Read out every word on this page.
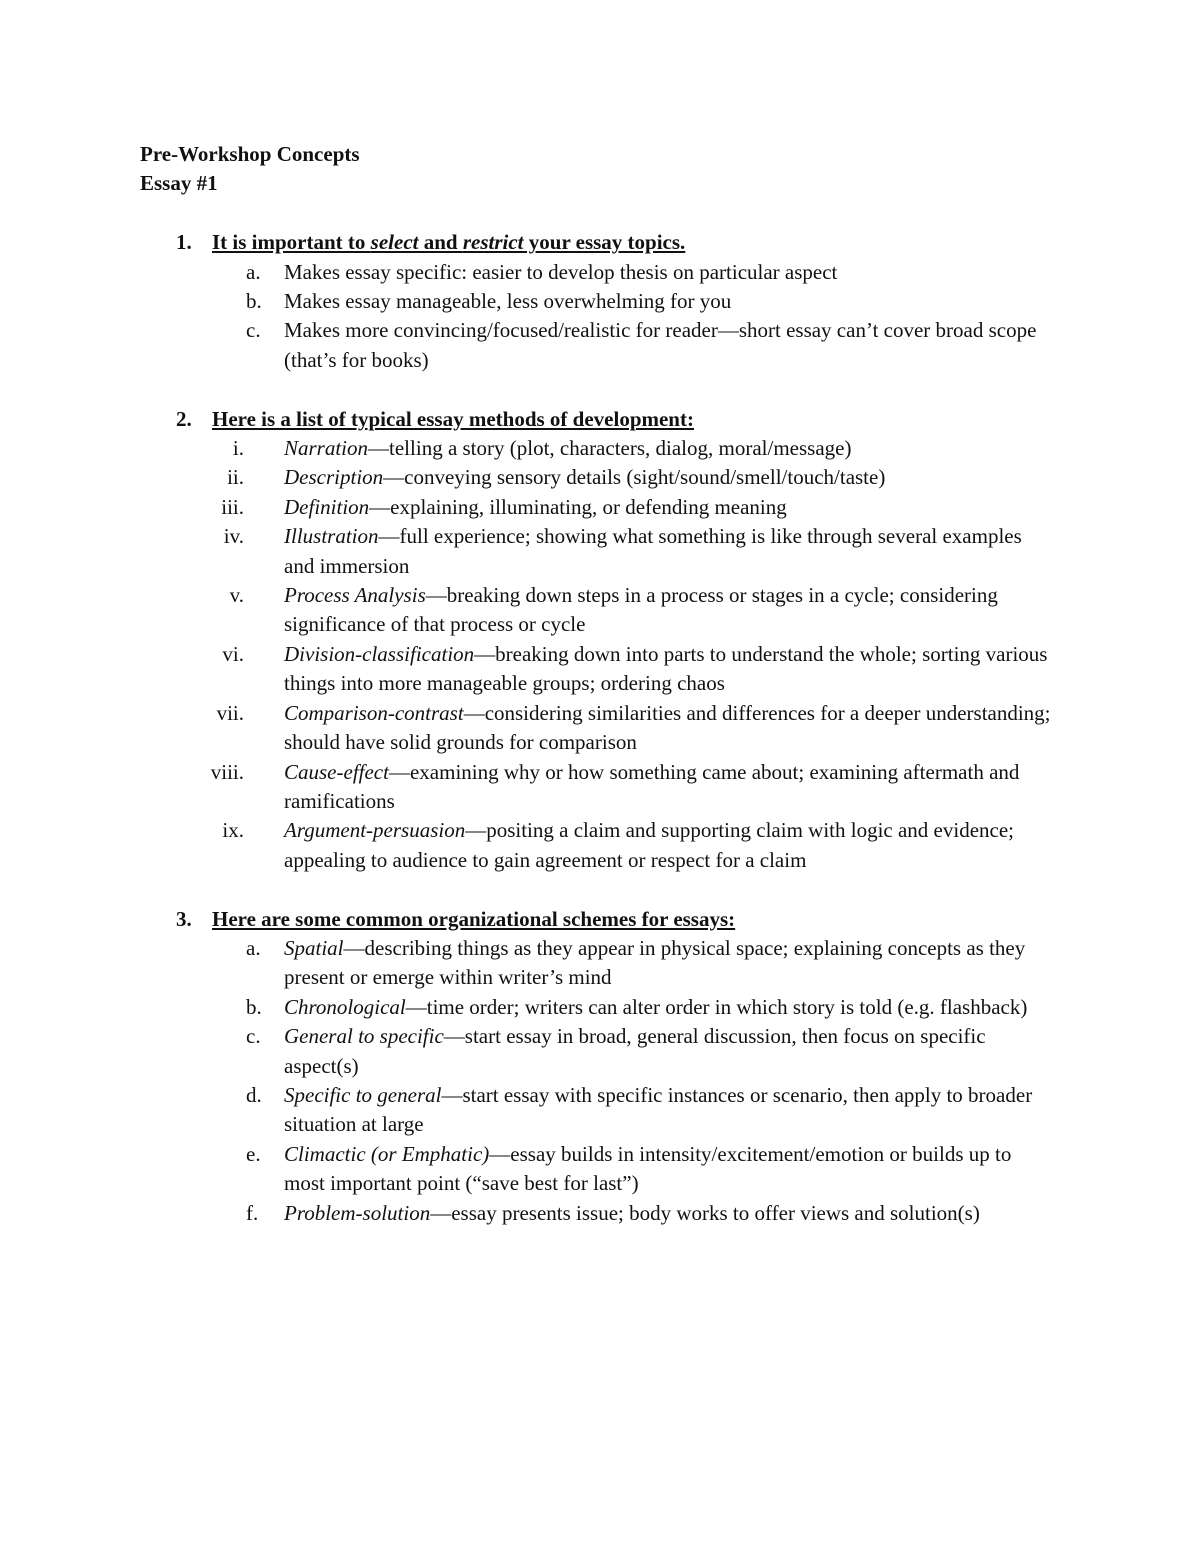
Pre-Workshop Concepts
Essay #1
1. It is important to select and restrict your essay topics.
a.	Makes essay specific: easier to develop thesis on particular aspect
b.	Makes essay manageable, less overwhelming for you
c.	Makes more convincing/focused/realistic for reader—short essay can’t cover broad scope (that’s for books)
2. Here is a list of typical essay methods of development:
i.	Narration—telling a story (plot, characters, dialog, moral/message)
ii.	Description—conveying sensory details (sight/sound/smell/touch/taste)
iii.	Definition—explaining, illuminating, or defending meaning
iv.	Illustration—full experience; showing what something is like through several examples and immersion
v.	Process Analysis—breaking down steps in a process or stages in a cycle; considering significance of that process or cycle
vi.	Division-classification—breaking down into parts to understand the whole; sorting various things into more manageable groups; ordering chaos
vii.	Comparison-contrast—considering similarities and differences for a deeper understanding; should have solid grounds for comparison
viii.	Cause-effect—examining why or how something came about; examining aftermath and ramifications
ix.	Argument-persuasion—positing a claim and supporting claim with logic and evidence; appealing to audience to gain agreement or respect for a claim
3. Here are some common organizational schemes for essays:
a.	Spatial—describing things as they appear in physical space; explaining concepts as they present or emerge within writer’s mind
b.	Chronological—time order; writers can alter order in which story is told (e.g. flashback)
c.	General to specific—start essay in broad, general discussion, then focus on specific aspect(s)
d.	Specific to general—start essay with specific instances or scenario, then apply to broader situation at large
e.	Climactic (or Emphatic)—essay builds in intensity/excitement/emotion or builds up to most important point (“save best for last”)
f.	Problem-solution—essay presents issue; body works to offer views and solution(s)
